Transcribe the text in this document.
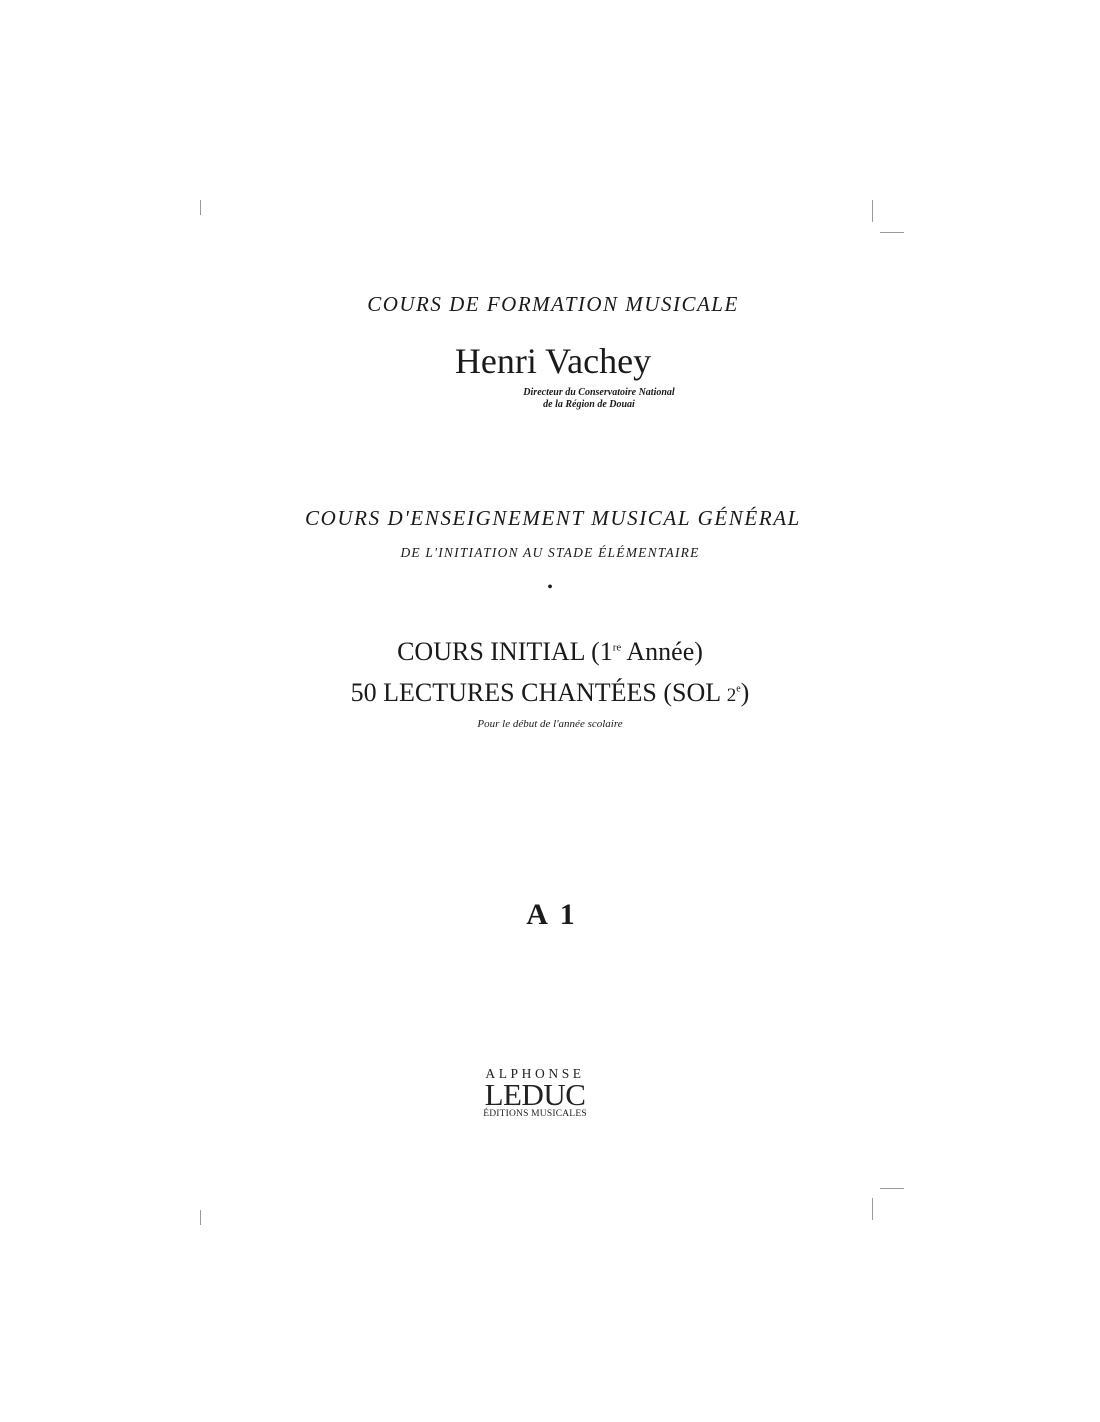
COURS DE FORMATION MUSICALE
Henri Vachey
Directeur du Conservatoire National
de la Région de Douai
COURS D'ENSEIGNEMENT MUSICAL GÉNÉRAL
DE L'INITIATION AU STADE ÉLÉMENTAIRE
•
COURS INITIAL (1re Année)
50 LECTURES CHANTÉES (SOL 2e)
Pour le début de l'année scolaire
A 1
ALPHONSE
LEDUC
ÉDITIONS MUSICALES
